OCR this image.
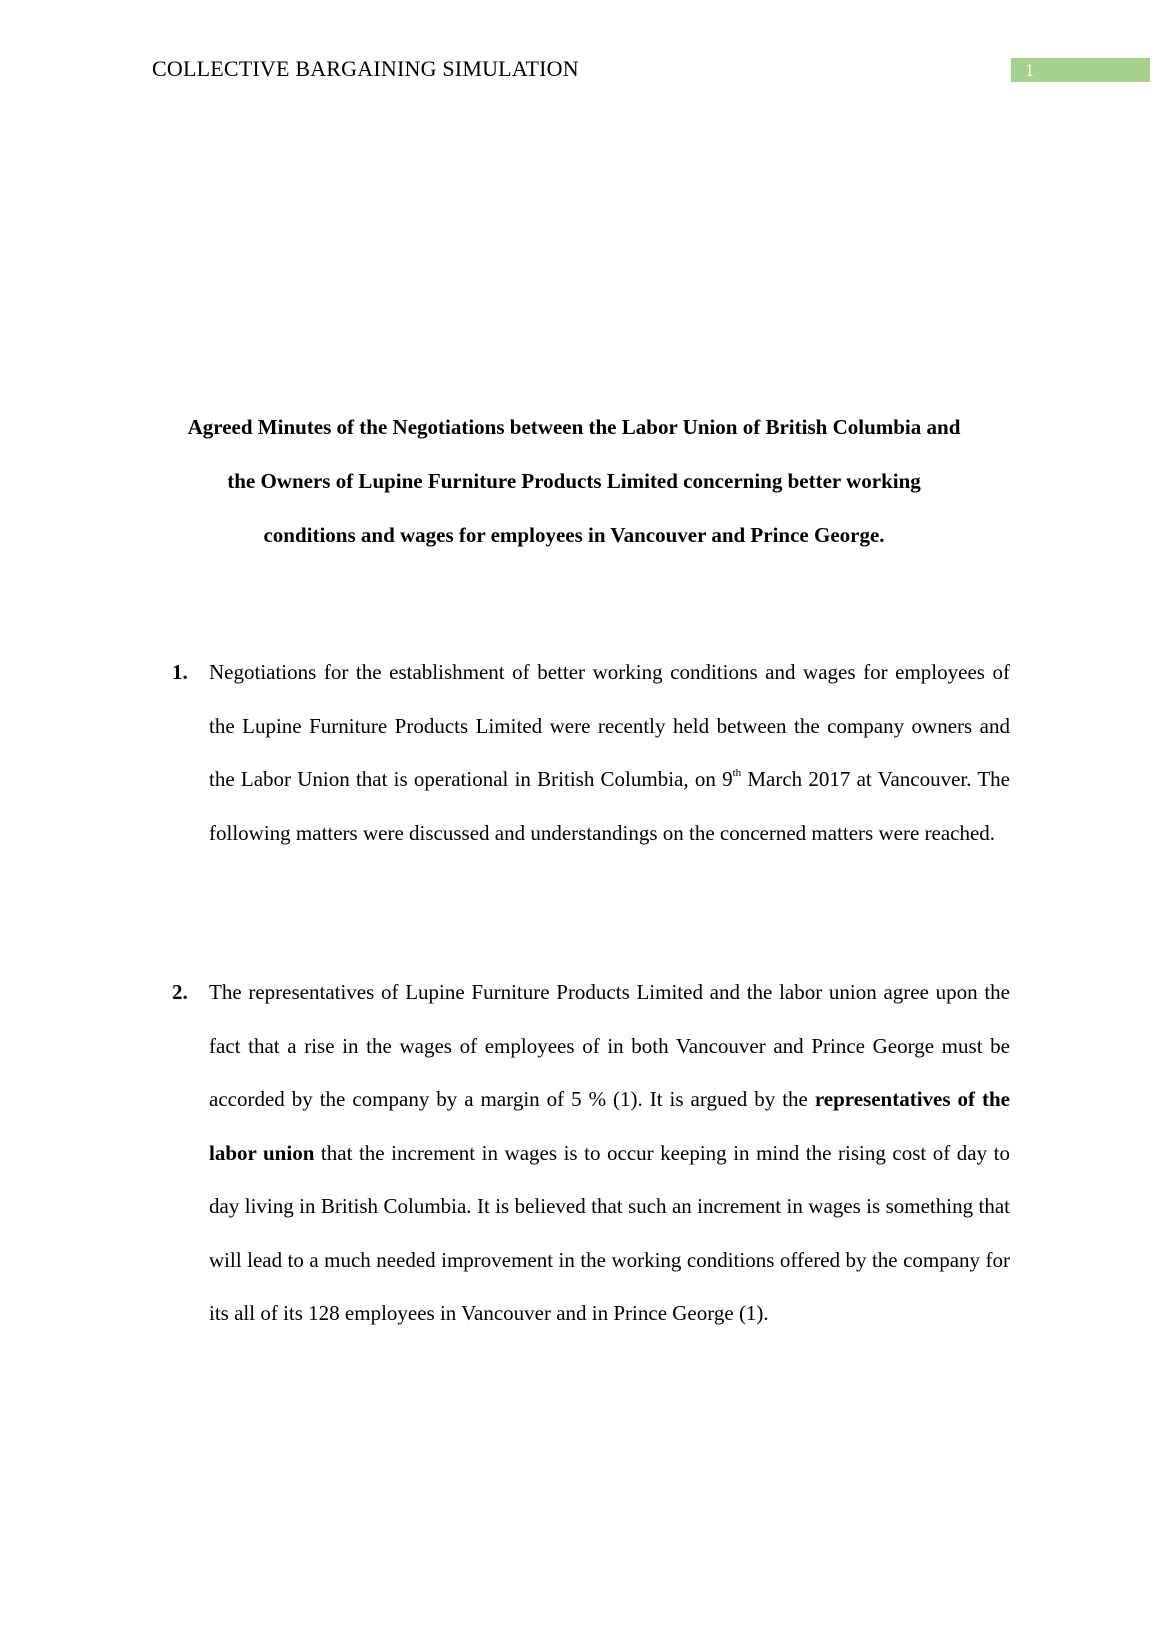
COLLECTIVE BARGAINING SIMULATION	1
Agreed Minutes of the Negotiations between the Labor Union of British Columbia and
the Owners of Lupine Furniture Products Limited concerning better working
conditions and wages for employees in Vancouver and Prince George.
1. Negotiations for the establishment of better working conditions and wages for employees of the Lupine Furniture Products Limited were recently held between the company owners and the Labor Union that is operational in British Columbia, on 9th March 2017 at Vancouver. The following matters were discussed and understandings on the concerned matters were reached.
2. The representatives of Lupine Furniture Products Limited and the labor union agree upon the fact that a rise in the wages of employees of in both Vancouver and Prince George must be accorded by the company by a margin of 5 % (1). It is argued by the representatives of the labor union that the increment in wages is to occur keeping in mind the rising cost of day to day living in British Columbia. It is believed that such an increment in wages is something that will lead to a much needed improvement in the working conditions offered by the company for its all of its 128 employees in Vancouver and in Prince George (1).
